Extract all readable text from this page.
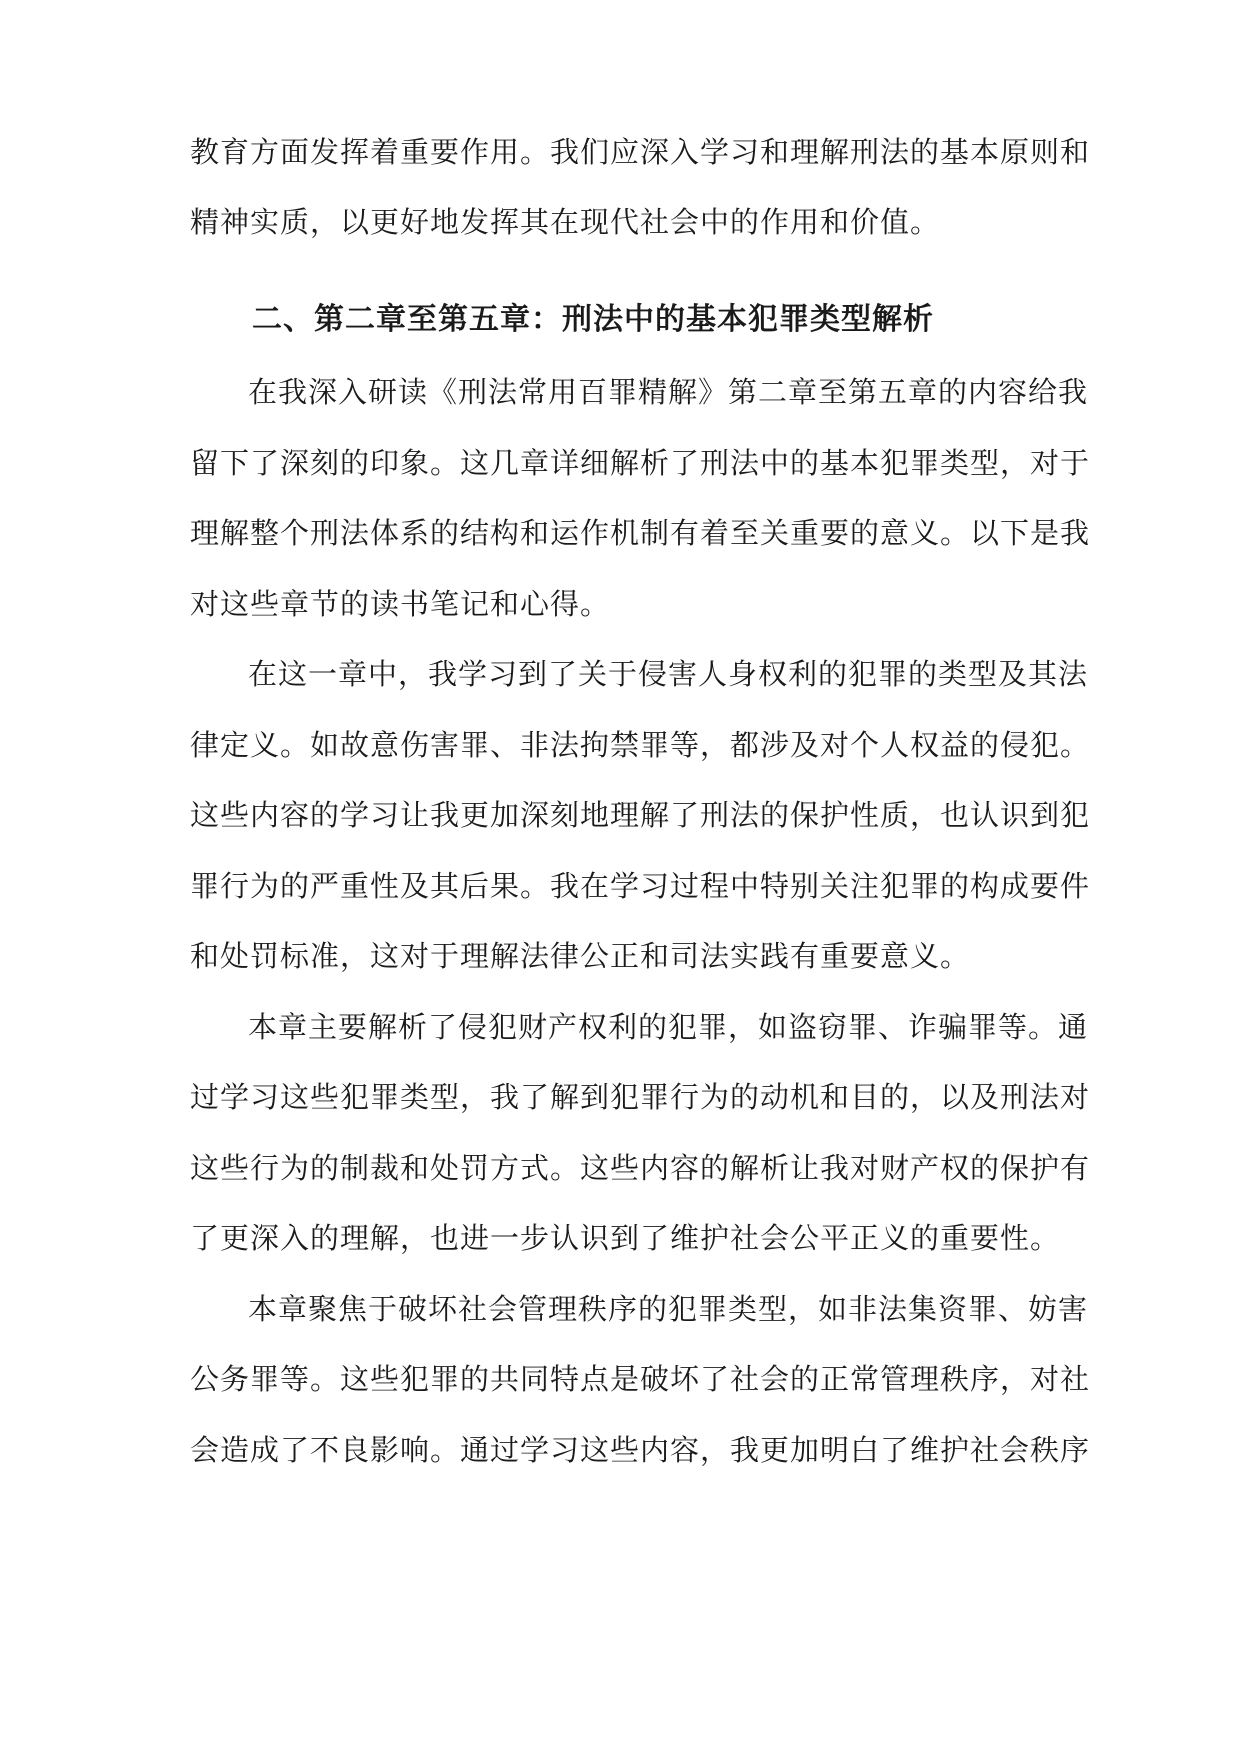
教育方面发挥着重要作用。我们应深入学习和理解刑法的基本原则和
精神实质，以更好地发挥其在现代社会中的作用和价值。
二、第二章至第五章：刑法中的基本犯罪类型解析
在我深入研读《刑法常用百罪精解》第二章至第五章的内容给我
留下了深刻的印象。这几章详细解析了刑法中的基本犯罪类型，对于
理解整个刑法体系的结构和运作机制有着至关重要的意义。以下是我
对这些章节的读书笔记和心得。
在这一章中，我学习到了关于侵害人身权利的犯罪的类型及其法
律定义。如故意伤害罪、非法拘禁罪等，都涉及对个人权益的侵犯。
这些内容的学习让我更加深刻地理解了刑法的保护性质，也认识到犯
罪行为的严重性及其后果。我在学习过程中特别关注犯罪的构成要件
和处罚标准，这对于理解法律公正和司法实践有重要意义。
本章主要解析了侵犯财产权利的犯罪，如盗窃罪、诈骗罪等。通
过学习这些犯罪类型，我了解到犯罪行为的动机和目的，以及刑法对
这些行为的制裁和处罚方式。这些内容的解析让我对财产权的保护有
了更深入的理解，也进一步认识到了维护社会公平正义的重要性。
本章聚焦于破坏社会管理秩序的犯罪类型，如非法集资罪、妨害
公务罪等。这些犯罪的共同特点是破坏了社会的正常管理秩序，对社
会造成了不良影响。通过学习这些内容，我更加明白了维护社会秩序
